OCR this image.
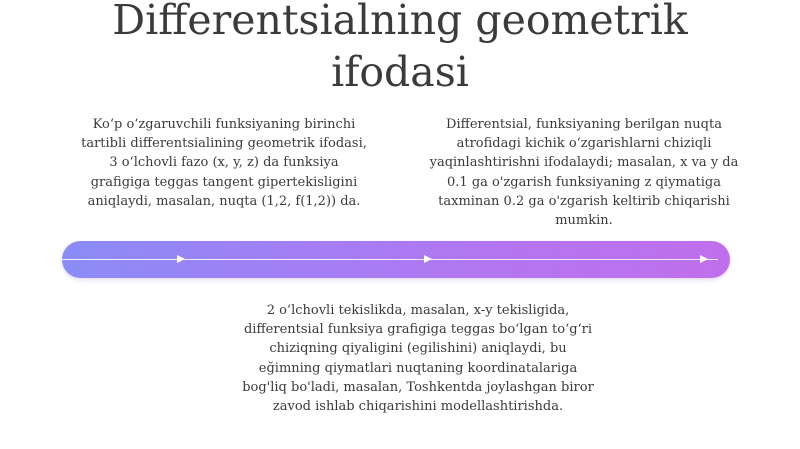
Differentsialning geometrik ifodasi

Ko‘p o‘zgaruvchili funksiyaning birinchi tartibli differentsialining geometrik ifodasi, 3 o‘lchovli fazo (x, y, z) da funksiya grafigiga teggas tangent gipertekisligini aniqlaydi, masalan, nuqta (1,2, f(1,2)) da.

Differentsial, funksiyaning berilgan nuqta atrofidagi kichik o‘zgarishlarni chiziqli yaqinlashtirishni ifodalaydi; masalan, x va y da 0.1 ga o'zgarish funksiyaning z qiymatiga taxminan 0.2 ga o'zgarish keltirib chiqarishi mumkin.

2 o‘lchovli tekislikda, masalan, x-y tekisligida, differentsial funksiya grafigiga teggas bo‘lgan to‘g‘ri chiziqning qiyaligini (egilishini) aniqlaydi, bu eğimning qiymatlari nuqtaning koordinatalariga bog'liq bo'ladi, masalan, Toshkentda joylashgan biror zavod ishlab chiqarishini modellashtirishda.
